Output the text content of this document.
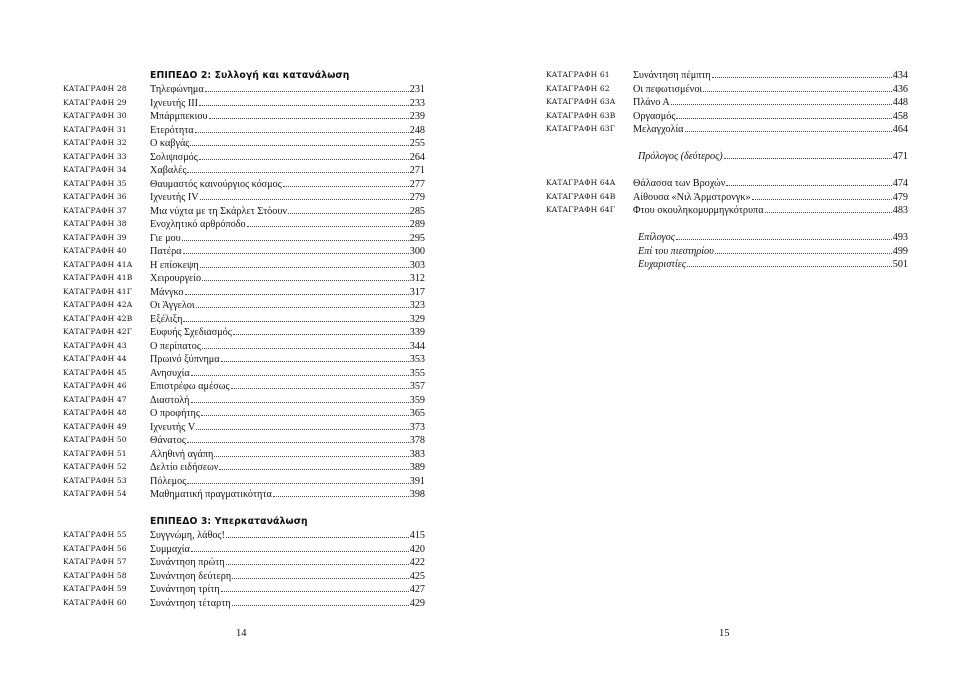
ΕΠΙΠΕΔΟ 2: Συλλογή και κατανάλωση
ΚΑΤΑΓΡΑΦΗ 28 Τηλεφώνημα	231
ΚΑΤΑΓΡΑΦΗ 29 Ιχνευτής ΙΙΙ	233
ΚΑΤΑΓΡΑΦΗ 30 Μπάρμπεκιου	239
ΚΑΤΑΓΡΑΦΗ 31 Ετερότητα	248
ΚΑΤΑΓΡΑΦΗ 32 Ο καβγάς	255
ΚΑΤΑΓΡΑΦΗ 33 Σολιψισμός	264
ΚΑΤΑΓΡΑΦΗ 34 Χαβαλές	271
ΚΑΤΑΓΡΑΦΗ 35 Θαυμαστός καινούργιος κόσμος	277
ΚΑΤΑΓΡΑΦΗ 36 Ιχνευτής IV	279
ΚΑΤΑΓΡΑΦΗ 37 Μια νύχτα με τη Σκάρλετ Στόουν	285
ΚΑΤΑΓΡΑΦΗ 38 Ενοχλητικό αρθρόποδο	289
ΚΑΤΑΓΡΑΦΗ 39 Γιε μου	295
ΚΑΤΑΓΡΑΦΗ 40 Πατέρα	300
ΚΑΤΑΓΡΑΦΗ 41Α Η επίσκεψη	303
ΚΑΤΑΓΡΑΦΗ 41Β Χειρουργείο	312
ΚΑΤΑΓΡΑΦΗ 41Γ Μάνγκο	317
ΚΑΤΑΓΡΑΦΗ 42Α Οι Άγγελοι	323
ΚΑΤΑΓΡΑΦΗ 42Β Εξέλιξη	329
ΚΑΤΑΓΡΑΦΗ 42Γ Ευφυής Σχεδιασμός	339
ΚΑΤΑΓΡΑΦΗ 43 Ο περίπατος	344
ΚΑΤΑΓΡΑΦΗ 44 Πρωινό ξύπνημα	353
ΚΑΤΑΓΡΑΦΗ 45 Ανησυχία	355
ΚΑΤΑΓΡΑΦΗ 46 Επιστρέφω αμέσως	357
ΚΑΤΑΓΡΑΦΗ 47 Διαστολή	359
ΚΑΤΑΓΡΑΦΗ 48 Ο προφήτης	365
ΚΑΤΑΓΡΑΦΗ 49 Ιχνευτής V	373
ΚΑΤΑΓΡΑΦΗ 50 Θάνατος	378
ΚΑΤΑΓΡΑΦΗ 51 Αληθινή αγάπη	383
ΚΑΤΑΓΡΑΦΗ 52 Δελτίο ειδήσεων	389
ΚΑΤΑΓΡΑΦΗ 53 Πόλεμος	391
ΚΑΤΑΓΡΑΦΗ 54 Μαθηματική πραγματικότητα	398
ΕΠΙΠΕΔΟ 3: Υπερκατανάλωση
ΚΑΤΑΓΡΑΦΗ 55 Συγγνώμη, λάθος!	415
ΚΑΤΑΓΡΑΦΗ 56 Συμμαχία	420
ΚΑΤΑΓΡΑΦΗ 57 Συνάντηση πρώτη	422
ΚΑΤΑΓΡΑΦΗ 58 Συνάντηση δεύτερη	425
ΚΑΤΑΓΡΑΦΗ 59 Συνάντηση τρίτη	427
ΚΑΤΑΓΡΑΦΗ 60 Συνάντηση τέταρτη	429
14
ΚΑΤΑΓΡΑΦΗ 61 Συνάντηση πέμπτη	434
ΚΑΤΑΓΡΑΦΗ 62 Οι πεφωτισμένοι	436
ΚΑΤΑΓΡΑΦΗ 63Α Πλάνο Α	448
ΚΑΤΑΓΡΑΦΗ 63Β Οργασμός	458
ΚΑΤΑΓΡΑΦΗ 63Γ Μελαγχολία	464
Πρόλογος (δεύτερος)	471
ΚΑΤΑΓΡΑΦΗ 64Α Θάλασσα των Βροχών	474
ΚΑΤΑΓΡΑΦΗ 64Β Αίθουσα «Νιλ Άρμστρονγκ»	479
ΚΑΤΑΓΡΑΦΗ 64Γ Φτου σκουληκομυρμηγκότρυπα	483
Επίλογος	493
Επί του πιεστηρίου	499
Ευχαριστίες	501
15
